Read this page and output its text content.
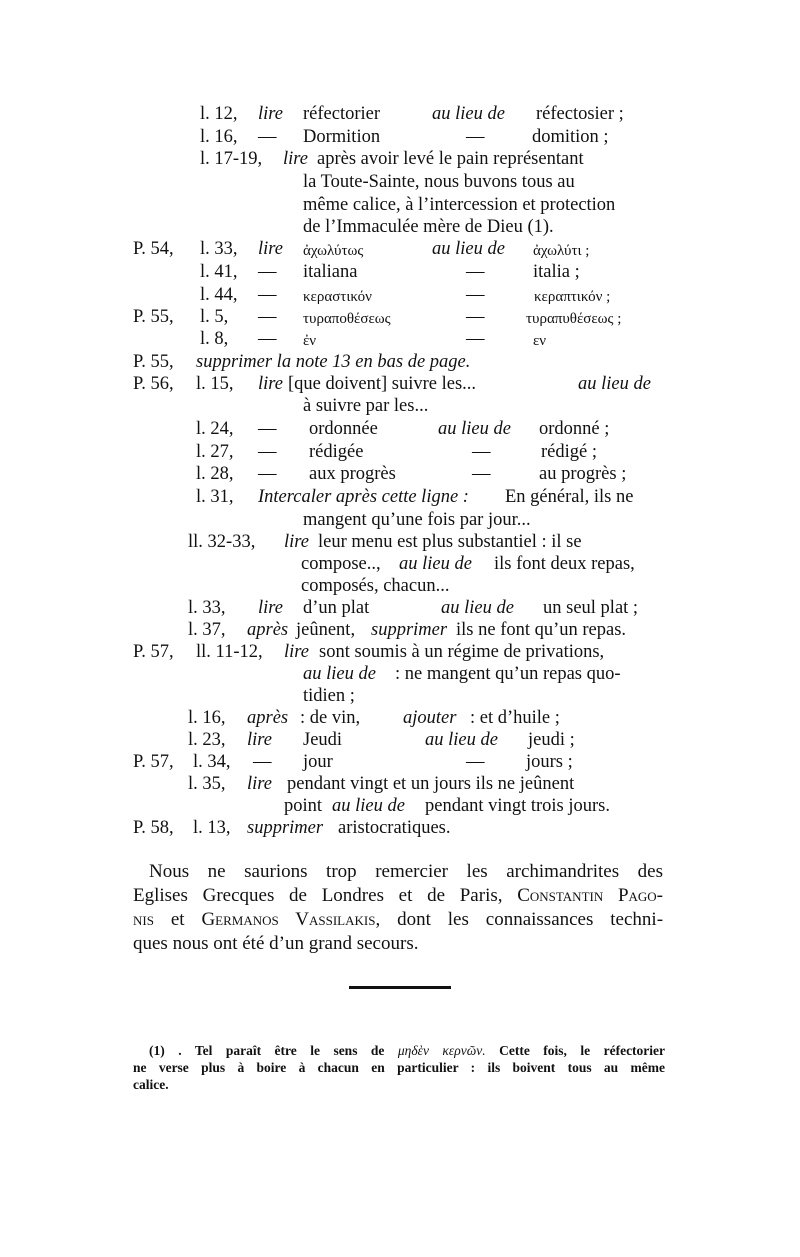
l. 12, lire réfectorier	au lieu de réfectosier ;
l. 16, — Dormition	—	domition ;
l. 17-19, lire après avoir levé le pain représentant
la Toute-Sainte, nous buvons tous au
même calice, à l’intercession et protection
de l’Immaculée mère de Dieu (1).
P. 54, l. 33, lire ἀχωλύτως	au lieu de ἀχωλύτι ;
l. 41, — italiana	—	italia ;
l. 44, — κεραστικόν	—	κεραπτικόν ;
P. 55, l. 5, — τυραποθέσεως	—	τυραπυθέσεως ;
l. 8, — ἐν	—	εν
P. 55, supprimer la note 13 en bas de page.
P. 56, l. 15, lire [que doivent] suivre les...	au lieu de
à suivre par les...
l. 24, — ordonnée	au lieu de ordonné ;
l. 27, — rédigée	—	rédigé ;
l. 28, — aux progrès	—	au progrès ;
l. 31, Intercaler après cette ligne : En général, ils ne
mangent qu’une fois par jour...
ll. 32-33, lire leur menu est plus substantiel : il se
compose.., au lieu de ils font deux repas,
composés, chacun...
l. 33, lire d’un plat	au lieu de un seul plat ;
l. 37, après jeûnent, supprimer ils ne font qu’un repas.
P. 57, ll. 11-12, lire sont soumis à un régime de privations,
au lieu de : ne mangent qu’un repas quo-
tidien ;
l. 16, après : de vin, ajouter : et d’huile ;
l. 23, lire Jeudi	au lieu de jeudi ;
P. 57, l. 34, — jour	— jours ;
l. 35, lire pendant vingt et un jours ils ne jeûnent
point au lieu de pendant vingt trois jours.
P. 58, l. 13, supprimer aristocratiques.
Nous ne saurions trop remercier les archimandrites des
Eglises Grecques de Londres et de Paris, Constantin Pago-
nis et Germanos Vassilakis, dont les connaissances techni-
ques nous ont été d’un grand secours.
(1) . Tel paraît être le sens de μηδὲν κερνῶν. Cette fois, le réfectorier
ne verse plus à boire à chacun en particulier : ils boivent tous au même
calice.
